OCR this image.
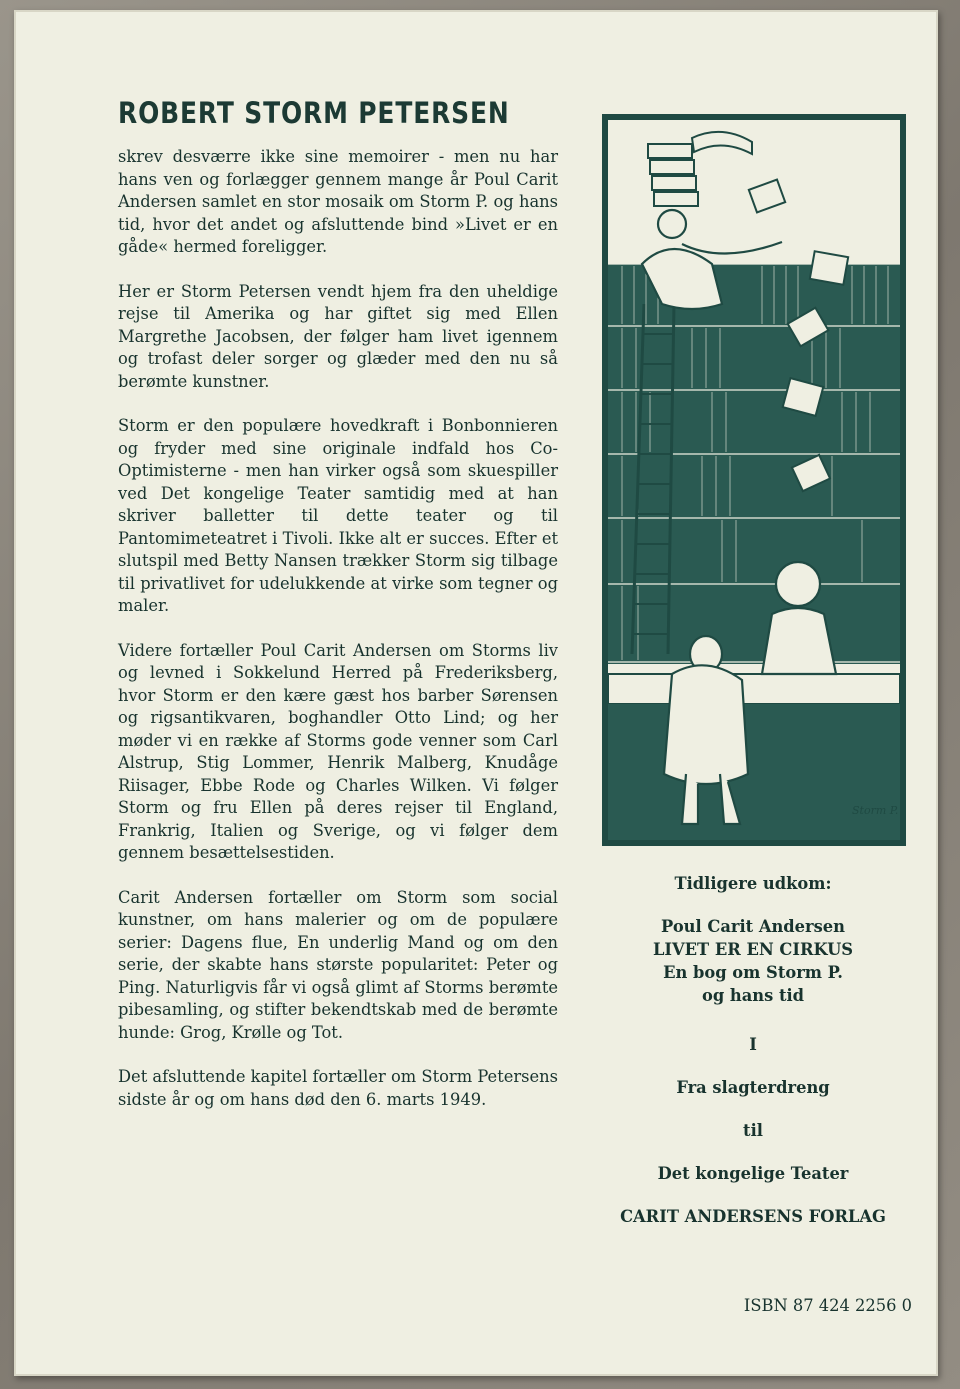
ROBERT STORM PETERSEN

skrev desværre ikke sine memoirer - men nu har hans ven og forlægger gennem mange år Poul Carit Andersen samlet en stor mosaik om Storm P. og hans tid, hvor det andet og afsluttende bind »Livet er en gåde« hermed foreligger.

Her er Storm Petersen vendt hjem fra den uheldige rejse til Amerika og har giftet sig med Ellen Margrethe Jacobsen, der følger ham livet igennem og trofast deler sorger og glæder med den nu så berømte kunstner.

Storm er den populære hovedkraft i Bonbonnieren og fryder med sine originale indfald hos Co-Optimisterne - men han virker også som skuespiller ved Det kongelige Teater samtidig med at han skriver balletter til dette teater og til Pantomimeteatret i Tivoli. Ikke alt er succes. Efter et slutspil med Betty Nansen trækker Storm sig tilbage til privatlivet for udelukkende at virke som tegner og maler.

Videre fortæller Poul Carit Andersen om Storms liv og levned i Sokkelund Herred på Frederiksberg, hvor Storm er den kære gæst hos barber Sørensen og rigsantikvaren, boghandler Otto Lind; og her møder vi en række af Storms gode venner som Carl Alstrup, Stig Lommer, Henrik Malberg, Knudåge Riisager, Ebbe Rode og Charles Wilken. Vi følger Storm og fru Ellen på deres rejser til England, Frankrig, Italien og Sverige, og vi følger dem gennem besættelsestiden.

Carit Andersen fortæller om Storm som social kunstner, om hans malerier og om de populære serier: Dagens flue, En underlig Mand og om den serie, der skabte hans største popularitet: Peter og Ping. Naturligvis får vi også glimt af Storms berømte pibesamling, og stifter bekendtskab med de berømte hunde: Grog, Krølle og Tot.

Det afsluttende kapitel fortæller om Storm Petersens sidste år og om hans død den 6. marts 1949.

Storm P.
Tidligere udkom:
Poul Carit Andersen
LIVET ER EN CIRKUS
En bog om Storm P.
og hans tid
I
Fra slagterdreng
til
Det kongelige Teater
CARIT ANDERSENS FORLAG
ISBN 87 424 2256 0
